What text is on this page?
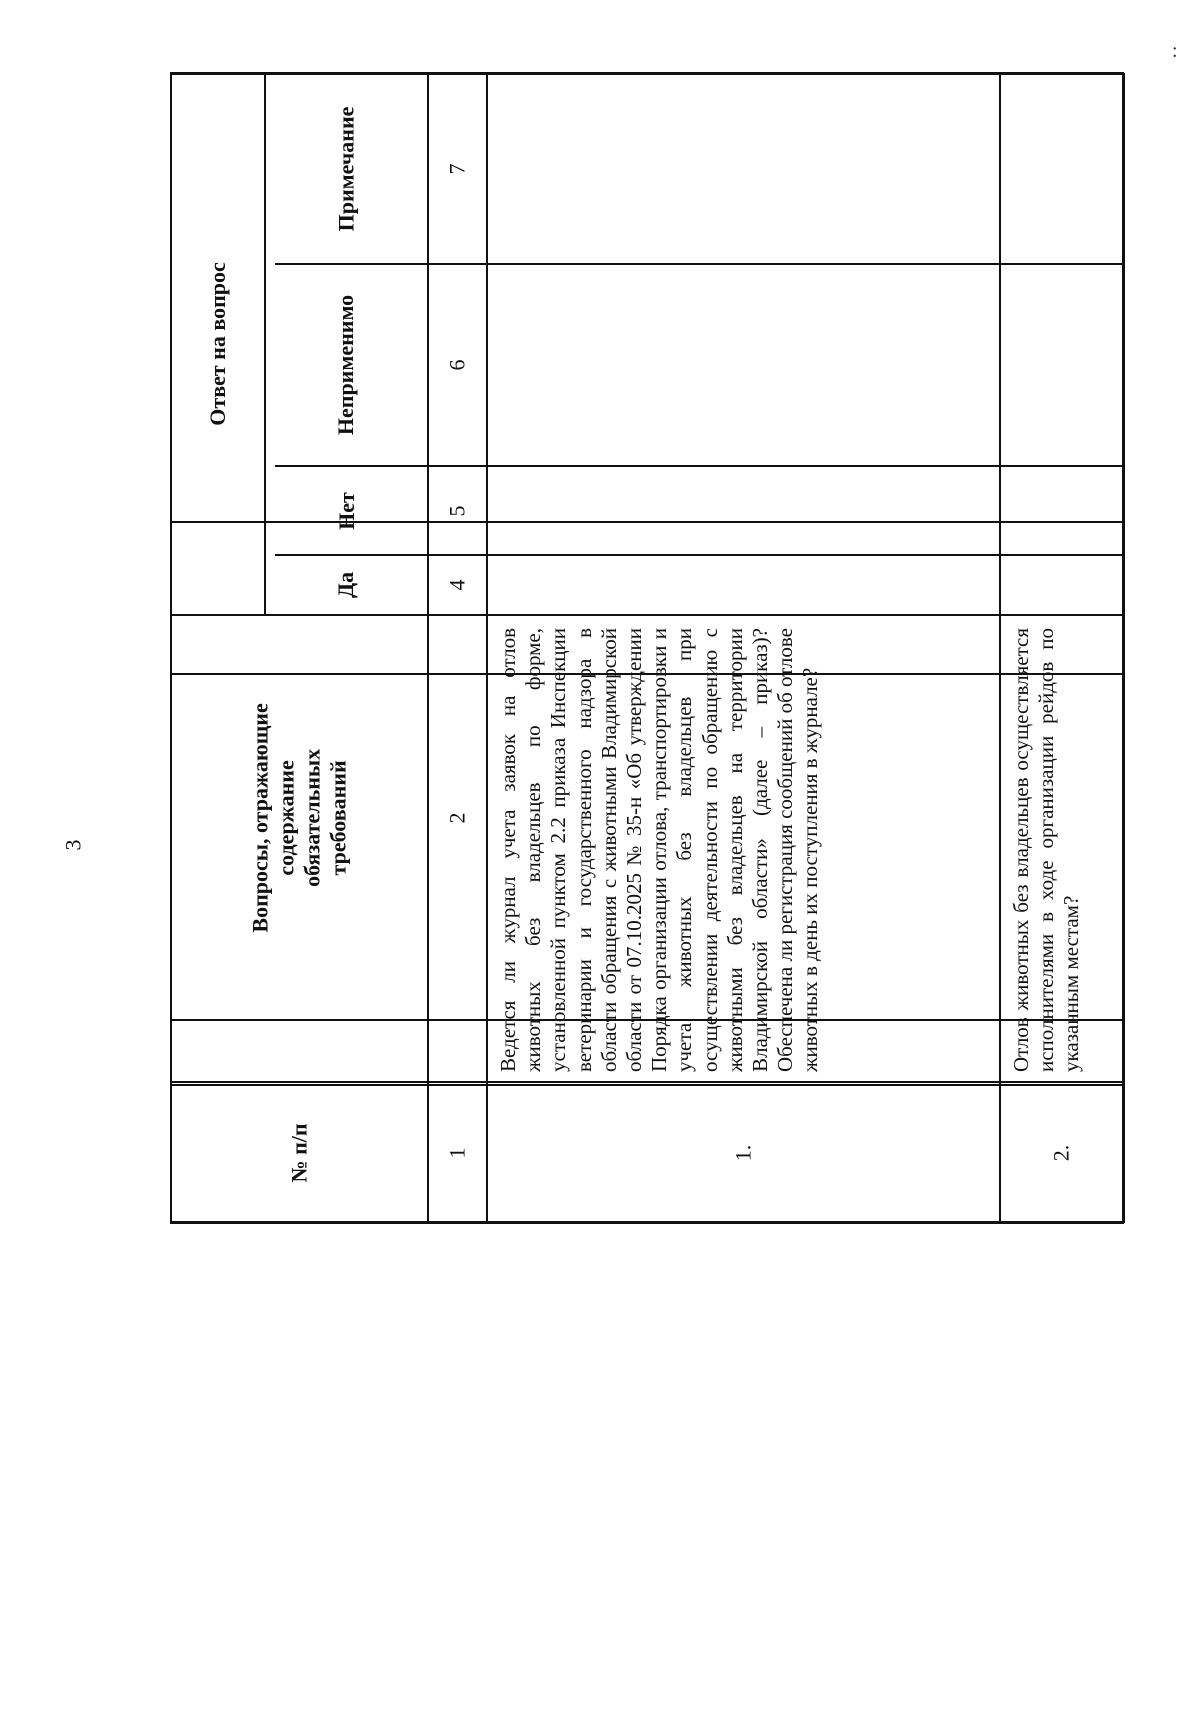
3
:
№ п/п
Вопросы, отражающие содержание обязательных требований
Ответ на вопрос
Да
Нет
Неприменимо
Примечание
1
2
4
5
6
7
1.	2.
Ведется ли журнал учета заявок на отлов животных без владельцев по форме, установленной пунктом 2.2 приказа Инспекции ветеринарии и государственного надзора в области обращения с животными Владимирской области от 07.10.2025 № 35-н «Об утверждении Порядка организации отлова, транспортировки и учета животных без владельцев при осуществлении деятельности по обращению с животными без владельцев на территории Владимирской области» (далее – приказ)? Обеспечена ли регистрация сообщений об отлове животных в день их поступления в журнале?	Отлов животных без владельцев осуществляется исполнителями в ходе организации рейдов по указанным местам?
